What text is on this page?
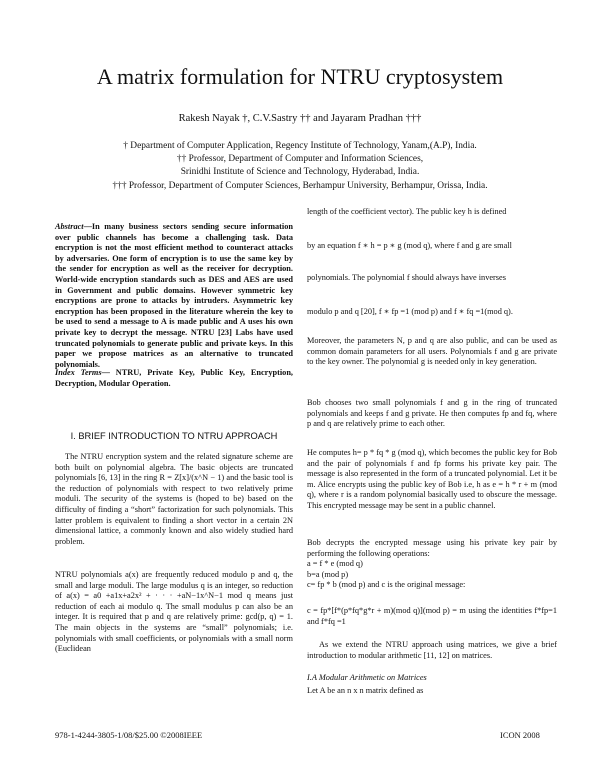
A matrix formulation for NTRU cryptosystem
Rakesh Nayak †, C.V.Sastry †† and Jayaram Pradhan †††
† Department of Computer Application, Regency Institute of Technology, Yanam,(A.P), India.
†† Professor, Department of Computer and Information Sciences,
Srinidhi Institute of Science and Technology, Hyderabad, India.
††† Professor, Department of Computer Sciences, Berhampur University, Berhampur, Orissa, India.

Abstract—In many business sectors sending secure information over public channels has become a challenging task. Data encryption is not the most efficient method to counteract attacks by adversaries. One form of encryption is to use the same key by the sender for encryption as well as the receiver for decryption. World-wide encryption standards such as DES and AES are used in Government and public domains. However symmetric key encryptions are prone to attacks by intruders. Asymmetric key encryption has been proposed in the literature wherein the key to be used to send a message to A is made public and A uses his own private key to decrypt the message. NTRU [23] Labs have used truncated polynomials to generate public and private keys. In this paper we propose matrices as an alternative to truncated polynomials.

Index Terms— NTRU, Private Key, Public Key, Encryption, Decryption, Modular Operation.

I. BRIEF INTRODUCTION TO NTRU APPROACH
The NTRU encryption system and the related signature scheme are both built on polynomial algebra. The basic objects are truncated polynomials [6, 13] in the ring R = Z[x]/(x^N − 1) and the basic tool is the reduction of polynomials with respect to two relatively prime moduli. The security of the systems is (hoped to be) based on the difficulty of finding a “short” factorization for such polynomials. This latter problem is equivalent to finding a short vector in a certain 2N dimensional lattice, a commonly known and also widely studied hard problem.
NTRU polynomials a(x) are frequently reduced modulo p and q, the small and large moduli. The large modulus q is an integer, so reduction of a(x) = a0 +a1x+a2x² + · · · +aN−1x^N−1 mod q means just reduction of each ai modulo q. The small modulus p can also be an integer. It is required that p and q are relatively prime: gcd(p, q) = 1. The main objects in the systems are “small” polynomials; i.e. polynomials with small coefficients, or polynomials with a small norm (Euclidean
length of the coefficient vector). The public key h is defined
by an equation f ∗ h = p ∗ g (mod q), where f and g are small
polynomials. The polynomial f should always have inverses
modulo p and q [20], f ∗ fp =1 (mod p) and f ∗ fq =1(mod q).
Moreover, the parameters N, p and q are also public, and can be used as common domain parameters for all users. Polynomials f and g are private to the key owner. The polynomial g is needed only in key generation.
Bob chooses two small polynomials f and g in the ring of truncated polynomials and keeps f and g private. He then computes fp and fq, where p and q are relatively prime to each other.
He computes h= p * fq * g (mod q), which becomes the public key for Bob and the pair of polynomials f and fp forms his private key pair. The message is also represented in the form of a truncated polynomial. Let it be m. Alice encrypts using the public key of Bob i.e, h as e = h * r + m (mod q), where r is a random polynomial basically used to obscure the message. This encrypted message may be sent in a public channel.

Bob decrypts the encrypted message using his private key pair by performing the following operations:

a = f * e (mod q)

b=a (mod p)

c= fp * b (mod p) and c is the original message:

c = fp*[f*(p*fq*g*r + m)(mod q)](mod p) = m using the identities f*fp=1 and f*fq =1
As we extend the NTRU approach using matrices, we give a brief introduction to modular arithmetic [11, 12] on matrices.
I.A Modular Arithmetic on Matrices
Let A be an n x n matrix defined as
978-1-4244-3805-1/08/$25.00 ©2008IEEE	ICON 2008
